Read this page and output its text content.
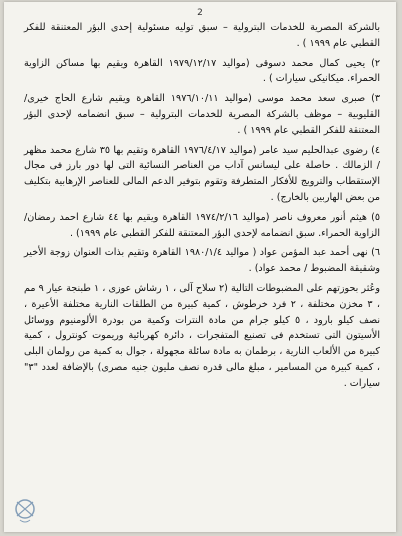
2

بالشركة المصرية للخدمات البترولية – سبق توليه مسئولية إحدى البؤر المعتنقة للفكر القطبي عام ١٩٩٩ ) .

٢) يحيى كمال محمد دسوقى (مواليد ١٩٧٩/١٢/١٧ القاهرة ويقيم بها مساكن الزاوية الحمراء. ميكانيكى سيارات ) .

٣) صبرى سعد محمد موسى (مواليد ١٩٧٦/١٠/١١ القاهرة ويقيم شارع الحاج خيرى/ القليوبية – موظف بالشركة المصرية للخدمات البترولية – سبق انضمامه لإحدى البؤر المعتنقة للفكر القطبي عام ١٩٩٩ ) .

٤) رضوى عبدالحليم سيد عامر (مواليد ١٩٧٦/٤/١٧ القاهرة وتقيم بها ٣٥ شارع محمد مظهر / الزمالك . حاصلة على ليسانس آداب من العناصر النسائية التى لها دور بارز فى مجال الإستقطاب والترويج للأفكار المتطرفة وتقوم بتوفير الدعم المالى للعناصر الإرهابية بتكليف من بعض الهاربين بالخارج) .

٥) هيثم أنور معروف ناصر (مواليد ١٩٧٤/٢/١٦ القاهرة ويقيم بها ٤٤ شارع احمد رمضان/ الزاوية الحمراء. سبق انضمامه لإحدى البؤر المعتنقة للفكر القطبي عام ١٩٩٩) .

٦) نهى أحمد عبد المؤمن عواد ( مواليد ١٩٨٠/١/٤ القاهرة وتقيم بذات العنوان زوجة الأخير وشقيقة المضبوط / محمد عواد) .

وعُثر بحوزتهم على المضبوطات التالية (٢ سلاح آلى ، ١ رشاش عوزى ، ١ طبنجة عيار ٩ مم ، ٣ مخزن مختلفة ، ٢ فرد خرطوش ، كمية كبيرة من الطلقات النارية مختلفة الأعيرة ، نصف كيلو بارود ، ٥ كيلو جرام من مادة النترات وكمية من بودرة الألومنيوم ووسائل الأسيتون التى تستخدم فى تصنيع المتفجرات ، دائرة كهربائية وريموت كونترول ، كمية كبيرة من الألعاب النارية ، برطمان به مادة سائلة مجهولة ، جوال به كمية من رولمان البلى ، كمية كبيرة من المسامير ، مبلغ مالى قدره نصف مليون جنيه مصرى) بالإضافة لعدد "٣" سيارات .
